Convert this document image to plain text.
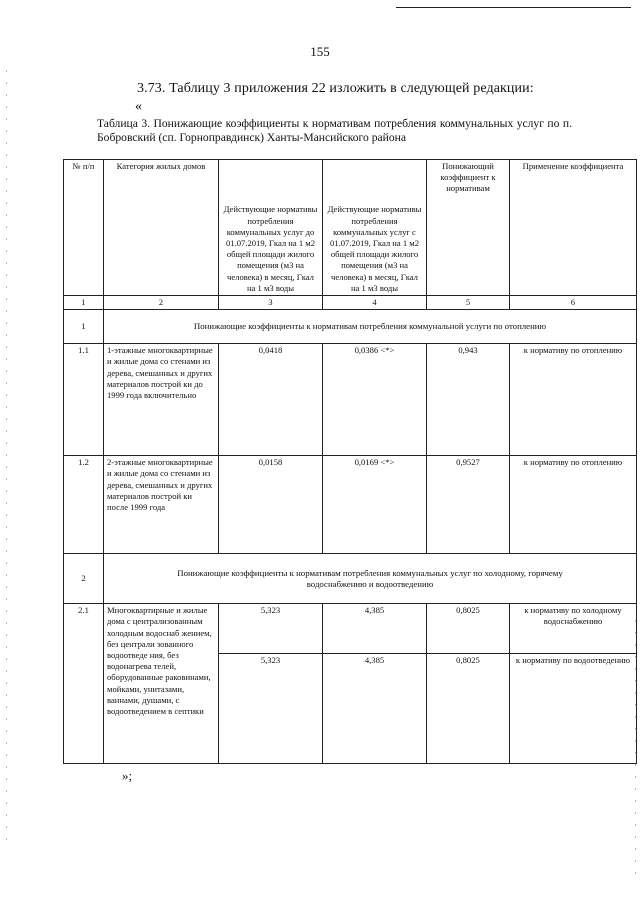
155
3.73. Таблицу 3 приложения 22 изложить в следующей редакции:
«
Таблица 3. Понижающие коэффициенты к нормативам потребления коммунальных услуг по п. Бобровский (сп. Горноправдинск) Ханты-Мансийского района
№ п/п	Категория жилых домов	Действующие нормативы потребления коммунальных услуг до 01.07.2019, Гкал на 1 м2 общей площади жилого помещения (м3 на человека) в месяц, Гкал на 1 м3 воды	Действующие нормативы потребления коммунальных услуг с 01.07.2019, Гкал на 1 м2 общей площади жилого помещения (м3 на человека) в месяц, Гкал на 1 м3 воды	Понижающий коэффициент к нормативам	Применение коэффициента
1	2	3	4	5	6
1	Понижающие коэффициенты к нормативам потребления коммунальной услуги по отоплению				
1.1	1-этажные многоквартирные и жилые дома со стенами из дерева, смешанных и других материалов построй ки до 1999 года включительно	0,0418	0,0386 <*>	0,943	к нормативу по отоплению
1.2	2-этажные многоквартирные и жилые дома со стенами из дерева, смешанных и других материалов построй ки после 1999 года	0,0158	0,0169 <*>	0,9527	к нормативу по отоплению
2	Понижающие коэффициенты к нормативам потребления коммунальных услуг по холодному, горячему водоснабжению и водоотведению				
2.1	Многоквартирные и жилые дома с централизованным холодным водоснаб жением, без централи зованного водоотведе ния, без водонагрева телей, оборудованные раковинами, мойками, унитазами, ваннами, душами, с водоотведением в септики	5,323	4,385	0,8025	к нормативу по холодному водоснабжению
		5,323	4,385	0,8025	к нормативу по водоотведению
»;
